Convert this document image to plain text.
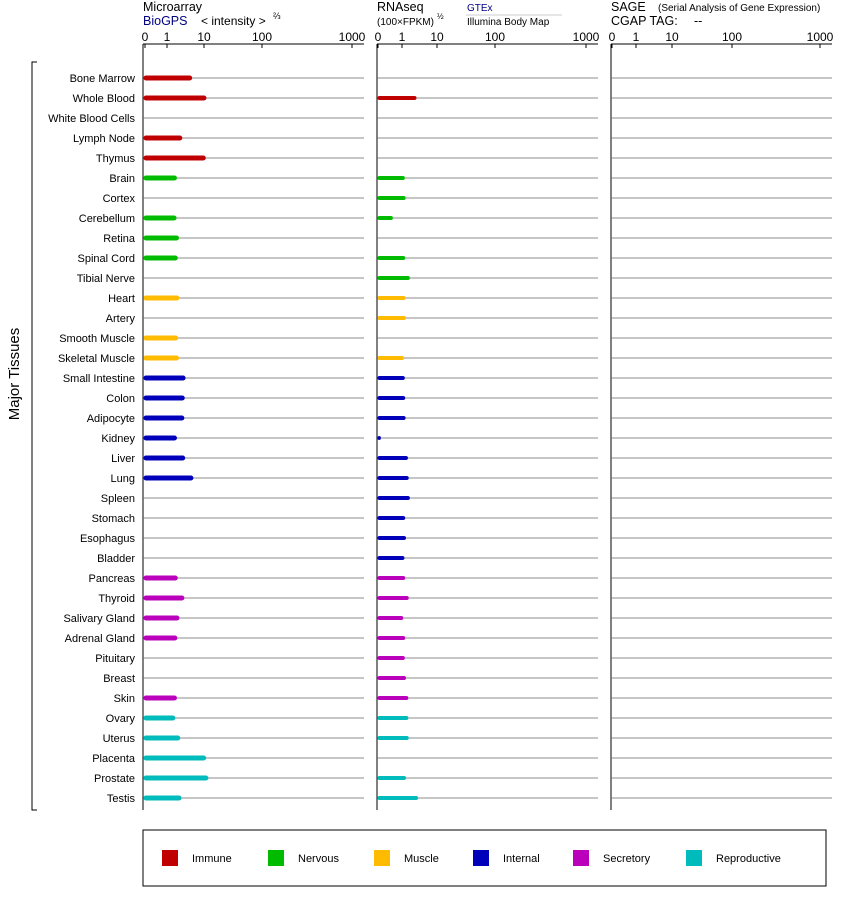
Microarray
BioGPS < intensity > ⅔
RNAseq
(100×FPKM)
½
GTEx
Illumina Body Map
SAGE (Serial Analysis of Gene Expression)
CGAP TAG: --
Major Tissues
0 1 10	100	1000 0 1 10	100	1000 0 1 10	100	1000
Bone Marrow
Whole Blood
White Blood Cells
Lymph Node
Thymus
Brain
Cortex
Cerebellum
Retina
Spinal Cord
Tibial Nerve
Heart
Artery
Smooth Muscle
Skeletal Muscle
Small Intestine
Colon
Adipocyte
Kidney
Liver
Lung
Spleen
Stomach
Esophagus
Bladder
Pancreas
Thyroid
Salivary Gland
Adrenal Gland
Pituitary
Breast
Skin
Ovary
Uterus
Placenta
Prostate
Testis
Immune	Nervous	Muscle	Internal	Secretory	Reproductive
